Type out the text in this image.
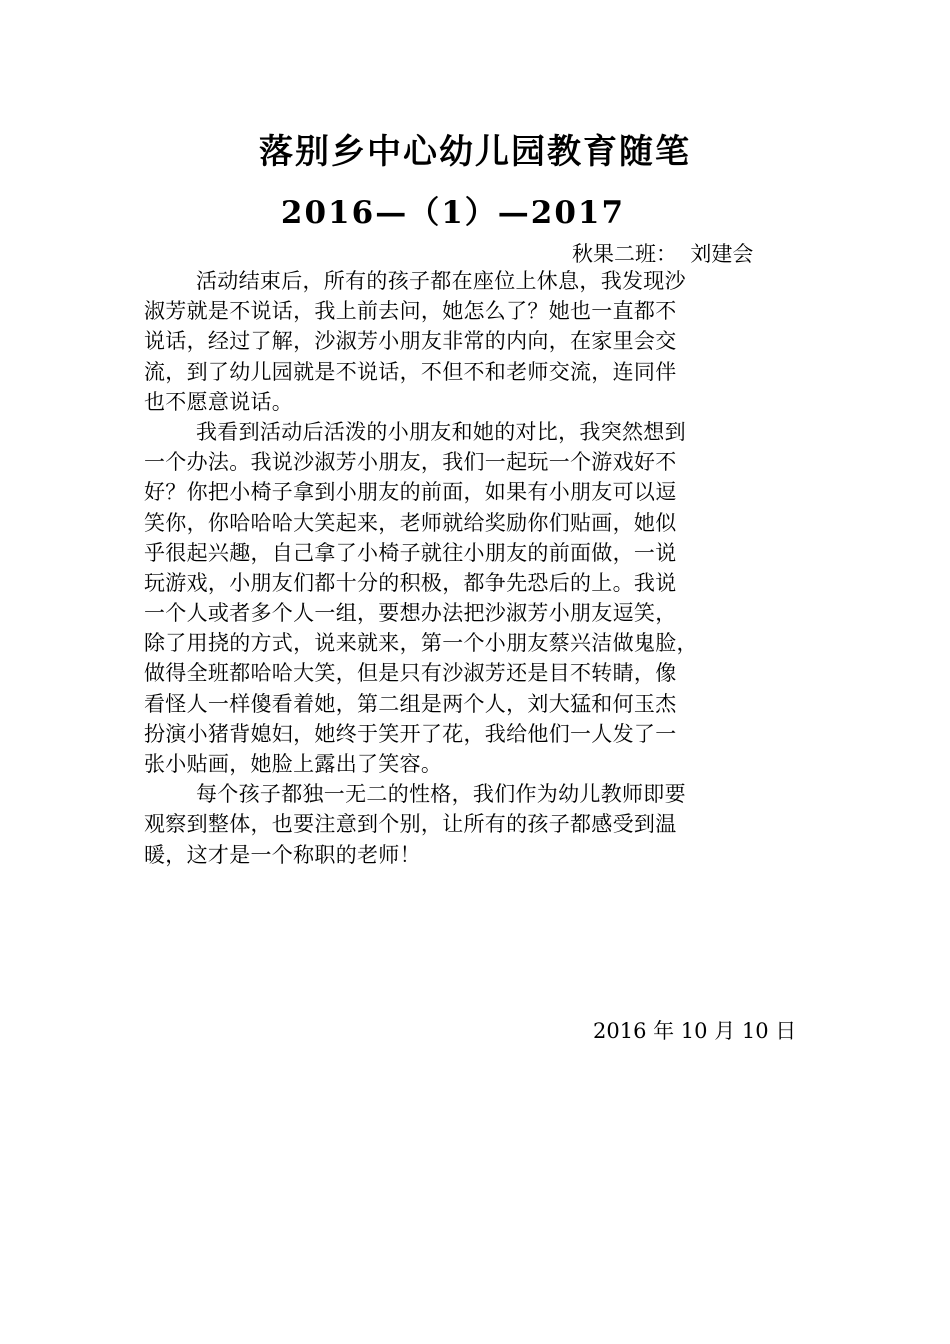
落别乡中心幼儿园教育随笔
2016—（1）—2017
秋果二班：  刘建会
活动结束后，所有的孩子都在座位上休息，我发现沙
淑芳就是不说话，我上前去问，她怎么了？她也一直都不
说话，经过了解，沙淑芳小朋友非常的内向，在家里会交
流，到了幼儿园就是不说话，不但不和老师交流，连同伴
也不愿意说话。
我看到活动后活泼的小朋友和她的对比，我突然想到
一个办法。我说沙淑芳小朋友，我们一起玩一个游戏好不
好？你把小椅子拿到小朋友的前面，如果有小朋友可以逗
笑你，你哈哈哈大笑起来，老师就给奖励你们贴画，她似
乎很起兴趣，自己拿了小椅子就往小朋友的前面做，一说
玩游戏，小朋友们都十分的积极，都争先恐后的上。我说
一个人或者多个人一组，要想办法把沙淑芳小朋友逗笑，
除了用挠的方式，说来就来，第一个小朋友蔡兴洁做鬼脸，
做得全班都哈哈大笑，但是只有沙淑芳还是目不转睛，像
看怪人一样傻看着她，第二组是两个人，刘大猛和何玉杰
扮演小猪背媳妇，她终于笑开了花，我给他们一人发了一
张小贴画，她脸上露出了笑容。
每个孩子都独一无二的性格，我们作为幼儿教师即要
观察到整体，也要注意到个别，让所有的孩子都感受到温
暖，这才是一个称职的老师！
2016 年 10 月 10 日
